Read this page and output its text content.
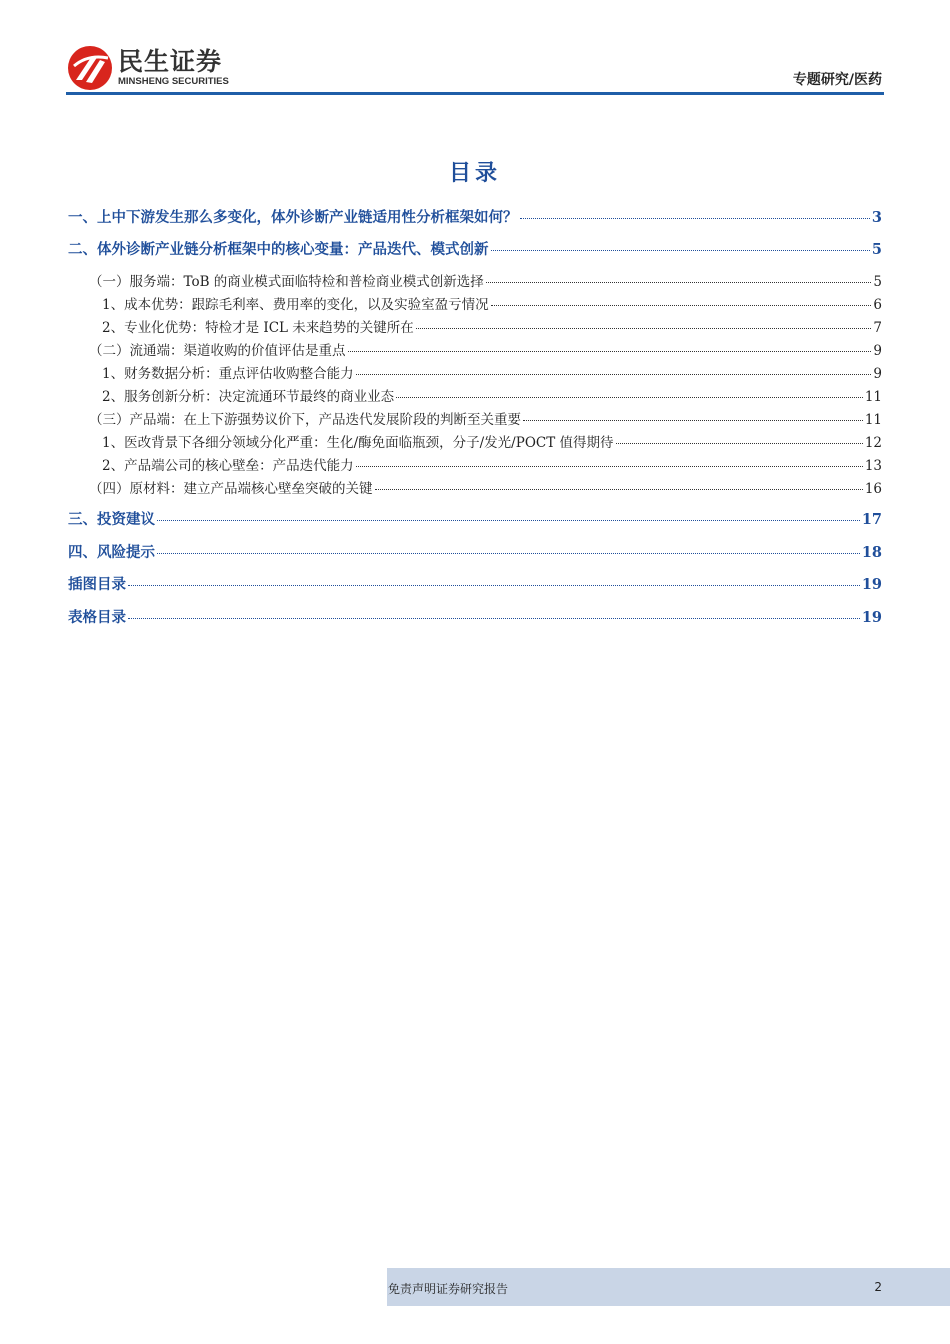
民生证券
MINSHENG SECURITIES	专题研究/医药
目录
一、上中下游发生那么多变化，体外诊断产业链适用性分析框架如何？	3
二、体外诊断产业链分析框架中的核心变量：产品迭代、模式创新	5
（一）服务端：ToB 的商业模式面临特检和普检商业模式创新选择	5
1、成本优势：跟踪毛利率、费用率的变化，以及实验室盈亏情况	6
2、专业化优势：特检才是 ICL 未来趋势的关键所在	7
（二）流通端：渠道收购的价值评估是重点	9
1、财务数据分析：重点评估收购整合能力	9
2、服务创新分析：决定流通环节最终的商业业态	11
（三）产品端：在上下游强势议价下，产品迭代发展阶段的判断至关重要	11
1、医改背景下各细分领域分化严重：生化/酶免面临瓶颈，分子/发光/POCT 值得期待	12
2、产品端公司的核心壁垒：产品迭代能力	13
（四）原材料：建立产品端核心壁垒突破的关键	16
三、投资建议	17
四、风险提示	18
插图目录	19
表格目录	19
免责声明证券研究报告	2
